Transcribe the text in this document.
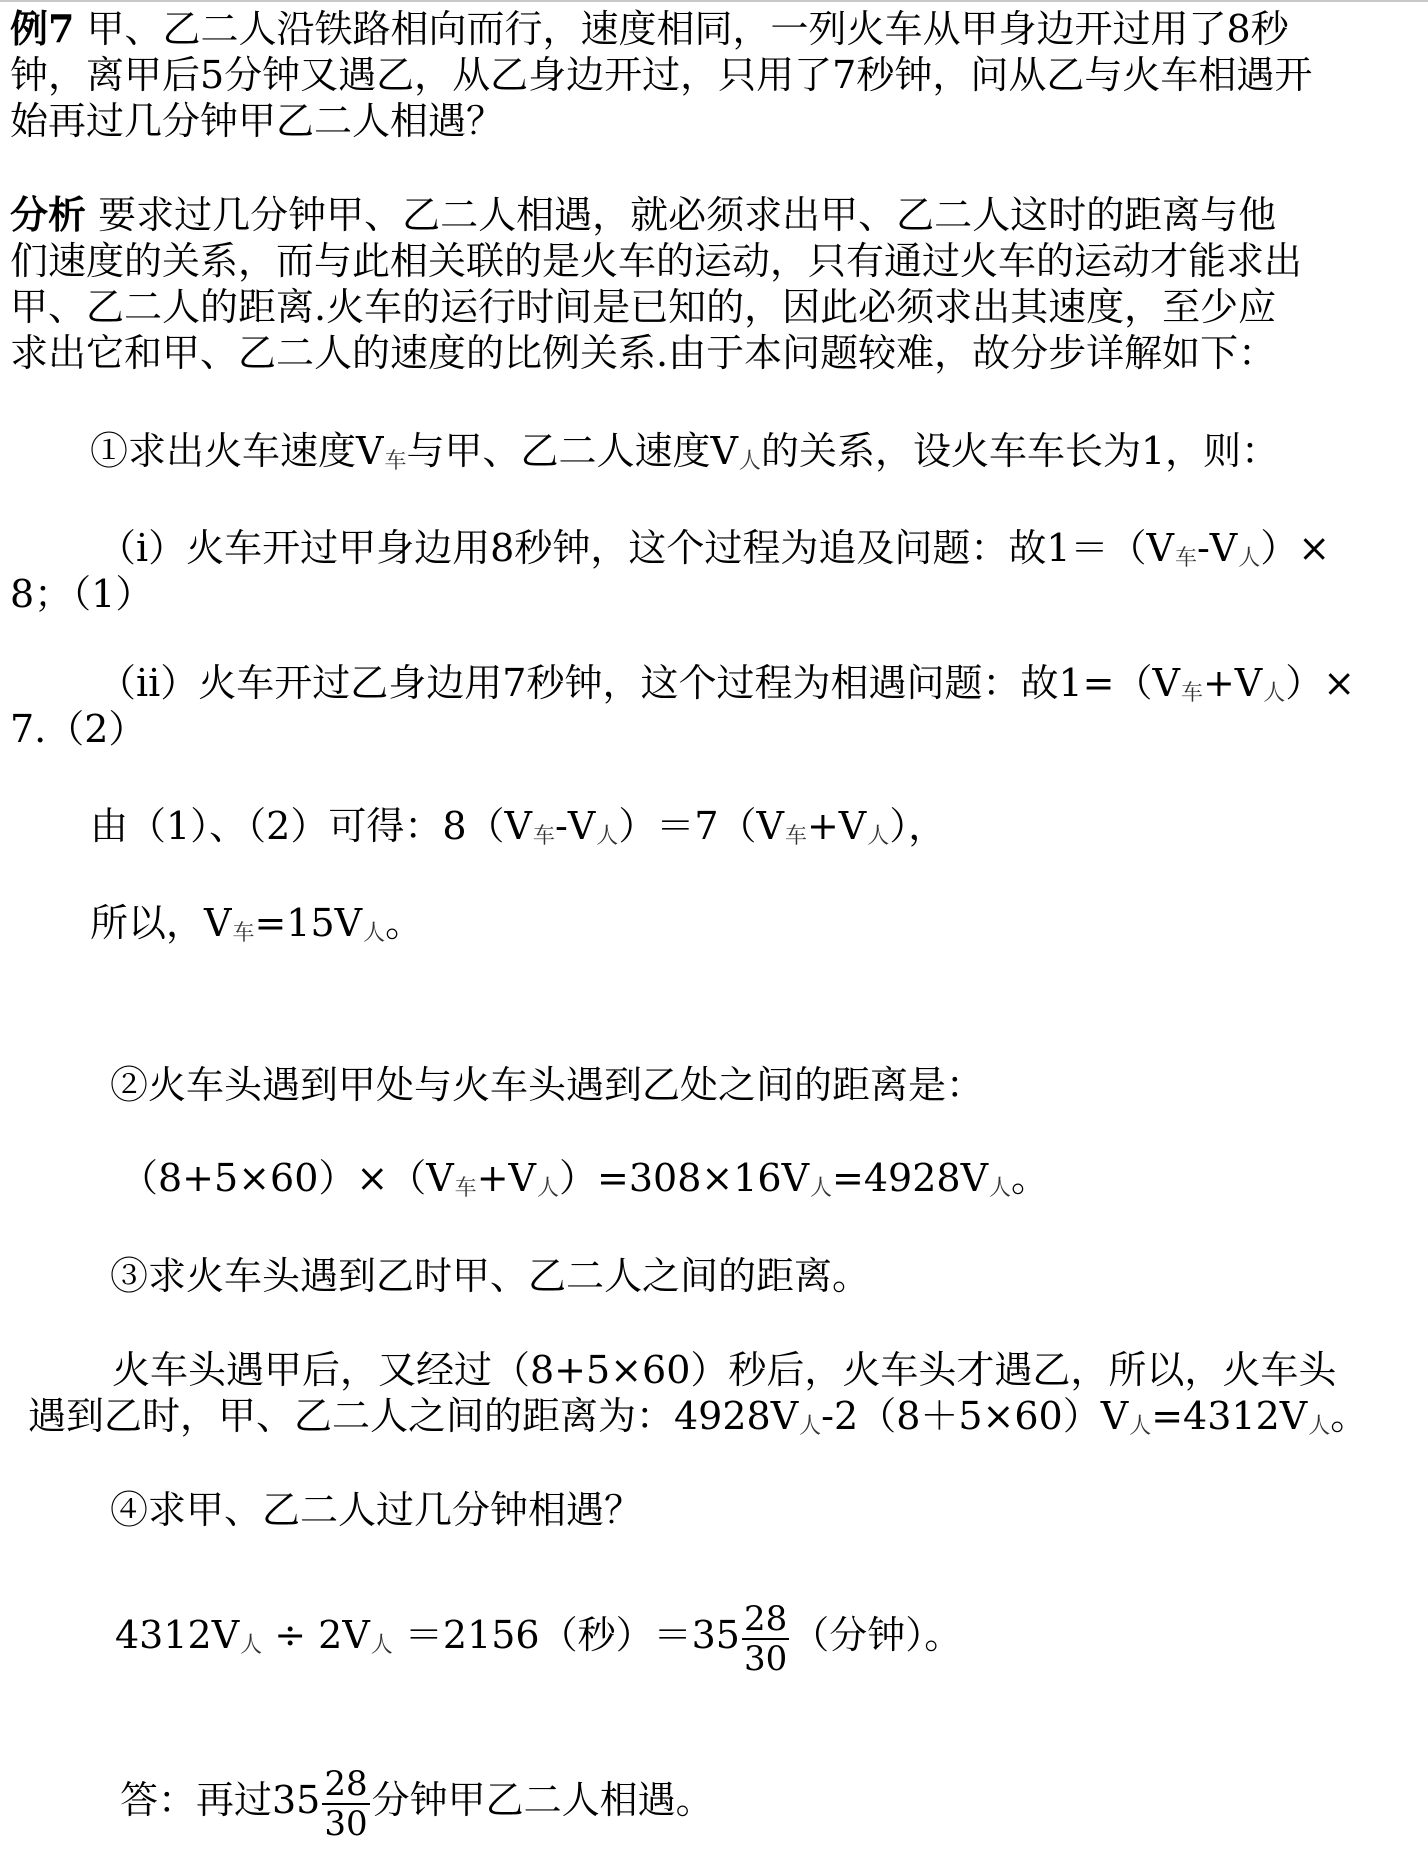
例7 甲、乙二人沿铁路相向而行，速度相同，一列火车从甲身边开过用了8秒
钟，离甲后5分钟又遇乙，从乙身边开过，只用了7秒钟，问从乙与火车相遇开
始再过几分钟甲乙二人相遇？
分析 要求过几分钟甲、乙二人相遇，就必须求出甲、乙二人这时的距离与他
们速度的关系，而与此相关联的是火车的运动，只有通过火车的运动才能求出
甲、乙二人的距离.火车的运行时间是已知的，因此必须求出其速度，至少应
求出它和甲、乙二人的速度的比例关系.由于本问题较难，故分步详解如下：
①求出火车速度V车与甲、乙二人速度V人的关系，设火车车长为1，则：
（i）火车开过甲身边用8秒钟，这个过程为追及问题：故1＝（V车-V人）×
8；（1）
（ii）火车开过乙身边用7秒钟，这个过程为相遇问题：故1=（V车+V人）×
7.（2）
由（1）、（2）可得：8（V车-V人）＝7（V车+V人），
所以，V车=15V人。
②火车头遇到甲处与火车头遇到乙处之间的距离是：
（8+5×60）×（V车+V人）=308×16V人=4928V人。
③求火车头遇到乙时甲、乙二人之间的距离。
火车头遇甲后，又经过（8+5×60）秒后，火车头才遇乙，所以，火车头
遇到乙时，甲、乙二人之间的距离为：4928V人-2（8＋5×60）V人=4312V人。
④求甲、乙二人过几分钟相遇？
4312V人 ÷ 2V人 ＝2156（秒）$=35 \frac{28}{30}$ （分钟）。
答：再过$35 \frac{28}{30}$ 分钟甲乙二人相遇。
